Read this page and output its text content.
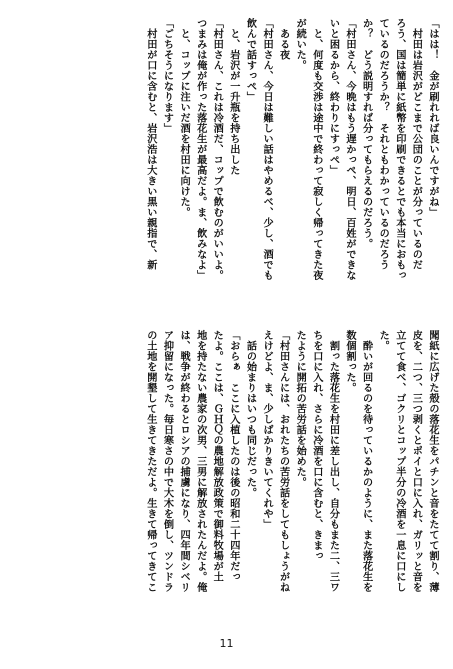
「はは！　金が刷れれば良いんですがね」
　村田は岩沢がどこまで公団のことが分っているのだ
ろう、国は簡単に紙幣を印刷できるとでも本当におもっ
ているのだろうか？　それともわかっているのだろう
か？　どう説明すれば分ってもらえるのだろう。
「村田さん、今晩はもう遅かっぺ、明日、百姓ができな
いと困るから、終わりにすっぺ」
　と、何度も交渉は途中で終わって寂しく帰ってきた夜
が続いた。
　ある夜
「村田さん、今日は難しい話はやめるべ、少し、酒でも
飲んで話すっぺ」
　と、岩沢が一升瓶を持ち出した
「村田さん、これは冷酒だ、コップで飲むのがいいよ。
つまみは俺が作った落花生が最高だよ。ま、飲みなよ」
　と、コップに注いだ酒を村田に向けた。
「ごちそうになります」
　村田が口に含むと、岩沢浩は大きい黒い親指で、新
聞紙に広げた殻の落花生をパチンと音をたてて割り、薄
皮を、二つ、三つ剥くとポイと口に入れ、ガリッと音を
立てて食べ、ゴクリとコップ半分の冷酒を一息に口にし
た。
　酔いが回るのを待っているかのように、また落花生を
数個割った。
　割った落花生を村田に差し出し、自分もまた二、三ワ
ちを口に入れ、さらに冷酒を口に含むと、きまっ
たように開拓の苦労話を始めた。
「村田さんには、おれたちの苦労話をしてもしょうがね
えけどよ、ま、少しばかりきいてくれや」
　話の始まりはいつも同じだった。
「おらぁ　ここに入植したのは後の昭和二十四年だっ
たよ。ここは、ＧＨＱの農地解放政策で御料牧場が土
地を持たない農家の次男、三男に解放されたんだよ。俺
は、戦争が終わるとロシアの捕虜になり、四年間シベリ
ア抑留になった。毎日寒さの中で大木を倒し、ツンドラ
の土地を開墾して生きてきただよ。生きて帰ってきてこ
11
